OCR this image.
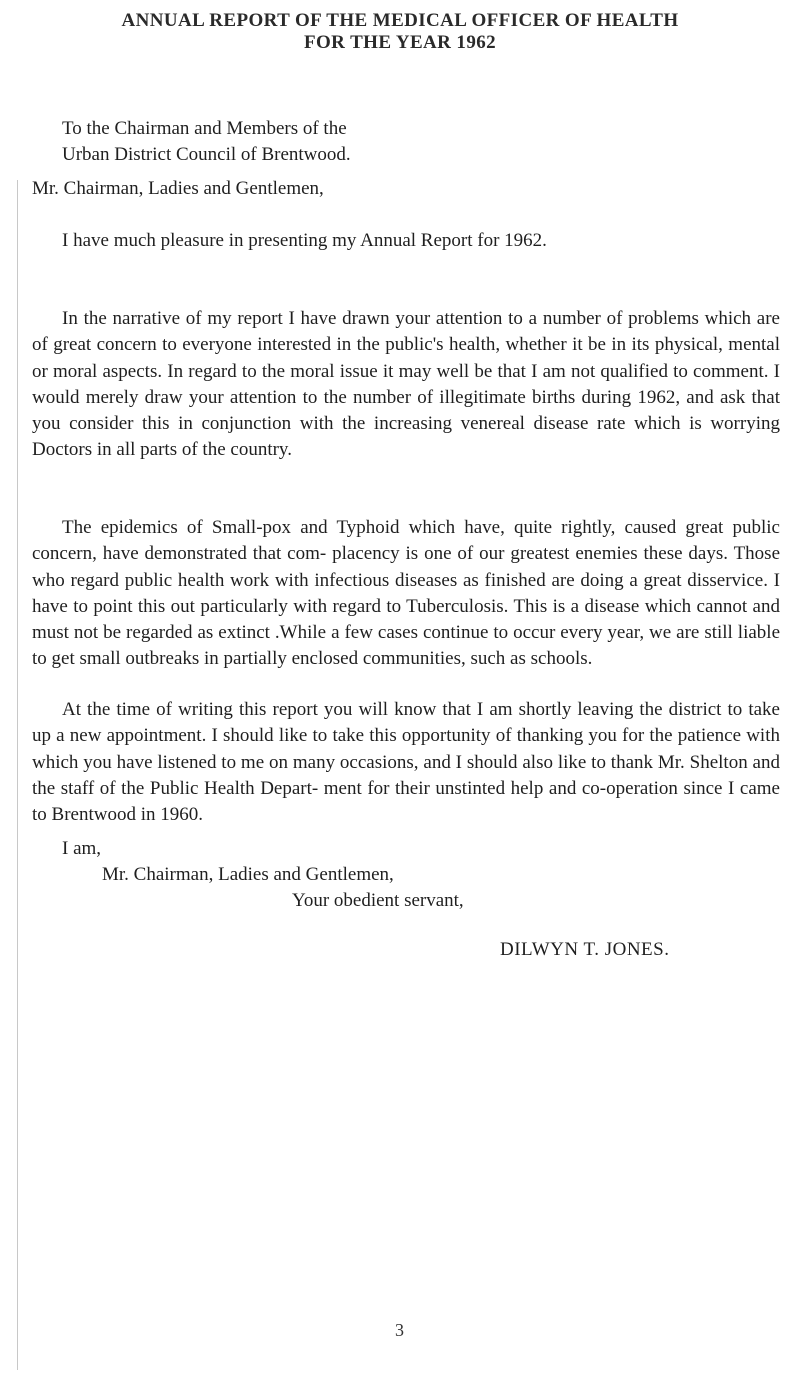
ANNUAL REPORT OF THE MEDICAL OFFICER OF HEALTH
FOR THE YEAR 1962
To the Chairman and Members of the
Urban District Council of Brentwood.
Mr. Chairman, Ladies and Gentlemen,

I have much pleasure in presenting my Annual Report for 1962.

In the narrative of my report I have drawn your attention to a number of problems which are of great concern to everyone interested in the public's health, whether it be in its physical, mental or moral aspects. In regard to the moral issue it may well be that I am not qualified to comment. I would merely draw your attention to the number of illegitimate births during 1962, and ask that you consider this in conjunction with the increasing venereal disease rate which is worrying Doctors in all parts of the country.

The epidemics of Small-pox and Typhoid which have, quite rightly, caused great public concern, have demonstrated that com- placency is one of our greatest enemies these days. Those who regard public health work with infectious diseases as finished are doing a great disservice. I have to point this out particularly with regard to Tuberculosis. This is a disease which cannot and must not be regarded as extinct .While a few cases continue to occur every year, we are still liable to get small outbreaks in partially enclosed communities, such as schools.

At the time of writing this report you will know that I am shortly leaving the district to take up a new appointment. I should like to take this opportunity of thanking you for the patience with which you have listened to me on many occasions, and I should also like to thank Mr. Shelton and the staff of the Public Health Depart- ment for their unstinted help and co-operation since I came to Brentwood in 1960.

I am,
Mr. Chairman, Ladies and Gentlemen,
Your obedient servant,
DILWYN T. JONES.
3
